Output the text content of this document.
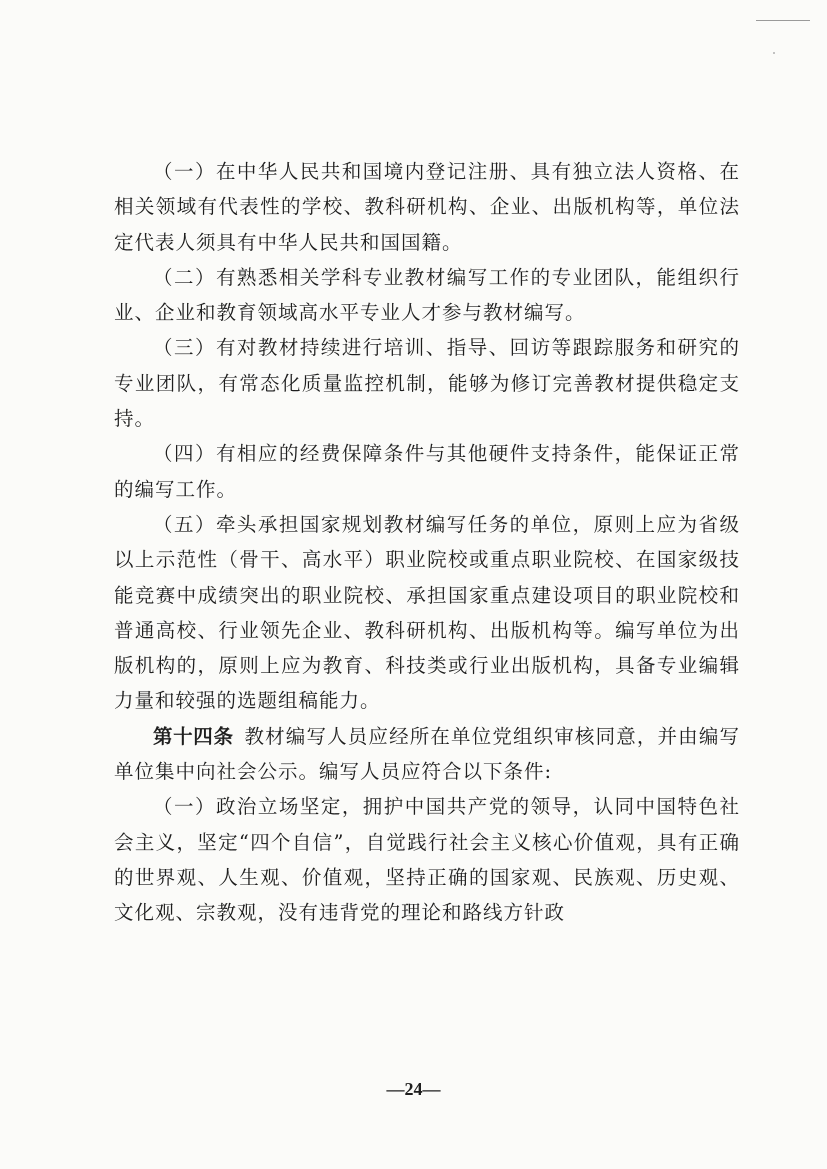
（一）在中华人民共和国境内登记注册、具有独立法人资格、在相关领域有代表性的学校、教科研机构、企业、出版机构等，单位法定代表人须具有中华人民共和国国籍。

（二）有熟悉相关学科专业教材编写工作的专业团队，能组织行业、企业和教育领域高水平专业人才参与教材编写。

（三）有对教材持续进行培训、指导、回访等跟踪服务和研究的专业团队，有常态化质量监控机制，能够为修订完善教材提供稳定支持。

（四）有相应的经费保障条件与其他硬件支持条件，能保证正常的编写工作。

（五）牵头承担国家规划教材编写任务的单位，原则上应为省级以上示范性（骨干、高水平）职业院校或重点职业院校、在国家级技能竞赛中成绩突出的职业院校、承担国家重点建设项目的职业院校和普通高校、行业领先企业、教科研机构、出版机构等。编写单位为出版机构的，原则上应为教育、科技类或行业出版机构，具备专业编辑力量和较强的选题组稿能力。

第十四条  教材编写人员应经所在单位党组织审核同意，并由编写单位集中向社会公示。编写人员应符合以下条件:

（一）政治立场坚定，拥护中国共产党的领导，认同中国特色社会主义，坚定“四个自信”，自觉践行社会主义核心价值观，具有正确的世界观、人生观、价值观，坚持正确的国家观、民族观、历史观、文化观、宗教观，没有违背党的理论和路线方针政

—24—
